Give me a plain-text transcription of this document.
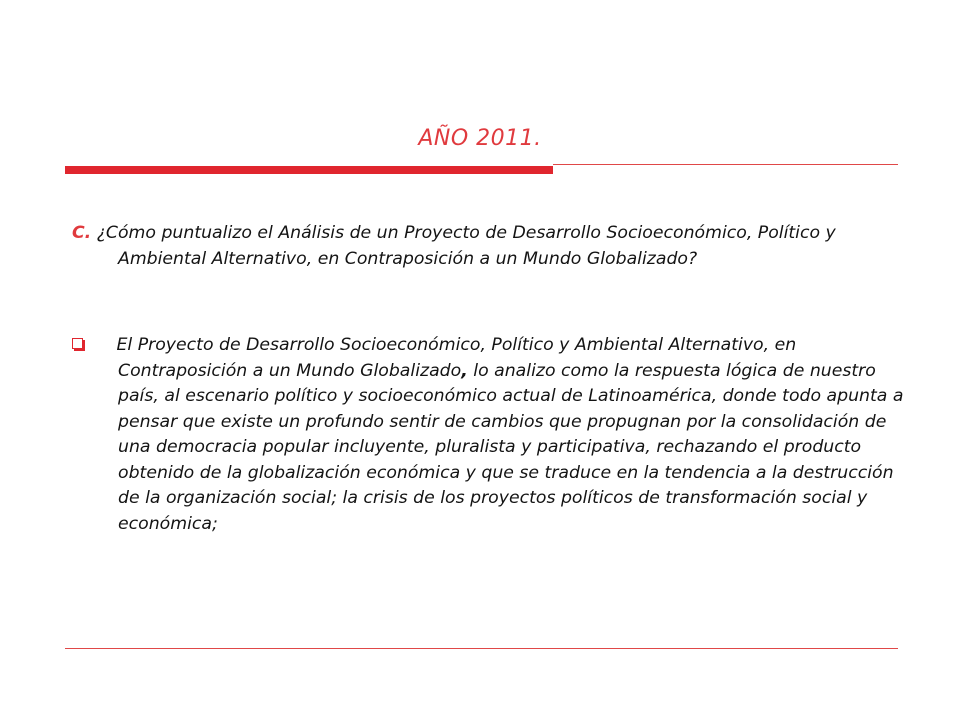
AÑO 2011.
C. ¿Cómo puntualizo el Análisis de un Proyecto de Desarrollo Socioeconómico, Político y Ambiental Alternativo, en Contraposición a un Mundo Globalizado?
El Proyecto de Desarrollo Socioeconómico, Político y Ambiental Alternativo, en Contraposición a un Mundo Globalizado, lo analizo como la respuesta lógica de nuestro país, al escenario político y socioeconómico actual de Latinoamérica, donde todo apunta a pensar que existe un profundo sentir de cambios que propugnan por la consolidación de una democracia popular incluyente, pluralista y participativa, rechazando el producto obtenido de la globalización económica y que se traduce en la tendencia a la destrucción de la organización social; la crisis de los proyectos políticos de transformación social y económica;
